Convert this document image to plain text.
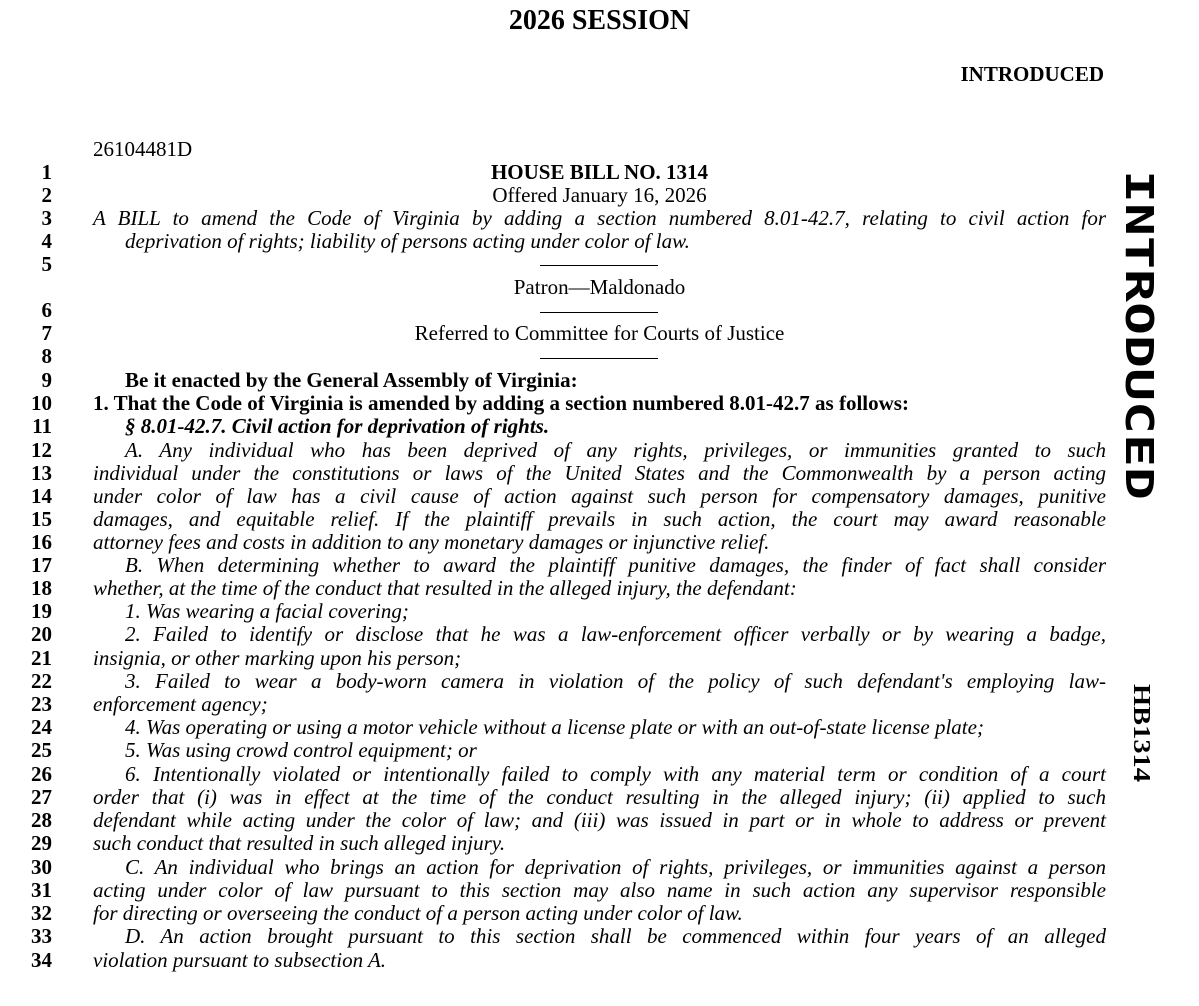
2026 SESSION
INTRODUCED
26104481D
INTRODUCED
HB1314
1	HOUSE BILL NO. 1314
2	Offered January 16, 2026
3 A BILL to amend the Code of Virginia by adding a section numbered 8.01-42.7, relating to civil action for
4	deprivation of rights; liability of persons acting under color of law.
5
Patron—Maldonado
6
7	Referred to Committee for Courts of Justice
8
9	Be it enacted by the General Assembly of Virginia:
10 1. That the Code of Virginia is amended by adding a section numbered 8.01-42.7 as follows:
11	§ 8.01-42.7. Civil action for deprivation of rights.
12	A. Any individual who has been deprived of any rights, privileges, or immunities granted to such
13 individual under the constitutions or laws of the United States and the Commonwealth by a person acting
14 under color of law has a civil cause of action against such person for compensatory damages, punitive
15 damages, and equitable relief. If the plaintiff prevails in such action, the court may award reasonable
16 attorney fees and costs in addition to any monetary damages or injunctive relief.
17	B. When determining whether to award the plaintiff punitive damages, the finder of fact shall consider
18 whether, at the time of the conduct that resulted in the alleged injury, the defendant:
19	1. Was wearing a facial covering;
20	2. Failed to identify or disclose that he was a law-enforcement officer verbally or by wearing a badge,
21 insignia, or other marking upon his person;
22	3. Failed to wear a body-worn camera in violation of the policy of such defendant's employing law-
23 enforcement agency;
24	4. Was operating or using a motor vehicle without a license plate or with an out-of-state license plate;
25	5. Was using crowd control equipment; or
26	6. Intentionally violated or intentionally failed to comply with any material term or condition of a court
27 order that (i) was in effect at the time of the conduct resulting in the alleged injury; (ii) applied to such
28 defendant while acting under the color of law; and (iii) was issued in part or in whole to address or prevent
29 such conduct that resulted in such alleged injury.
30	C. An individual who brings an action for deprivation of rights, privileges, or immunities against a person
31 acting under color of law pursuant to this section may also name in such action any supervisor responsible
32 for directing or overseeing the conduct of a person acting under color of law.
33	D. An action brought pursuant to this section shall be commenced within four years of an alleged
34 violation pursuant to subsection A.
